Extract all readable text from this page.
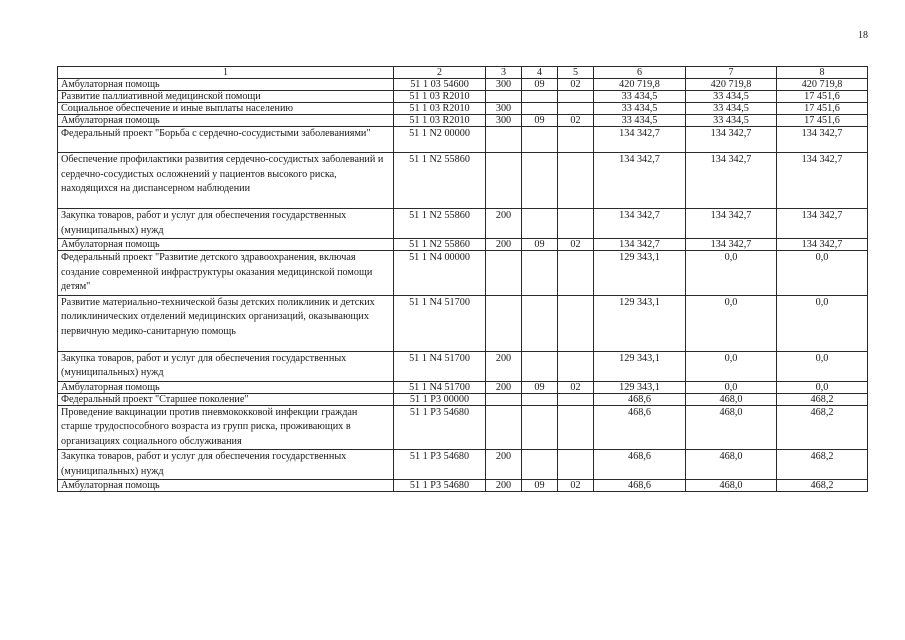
18
1	2	3	4	5	6	7	8
Амбулаторная помощь	51 1 03 54600	300	09	02	420 719,8	420 719,8	420 719,8
Развитие паллиативной медицинской помощи	51 1 03 R2010				33 434,5	33 434,5	17 451,6
Социальное обеспечение и иные выплаты населению	51 1 03 R2010	300			33 434,5	33 434,5	17 451,6
Амбулаторная помощь	51 1 03 R2010	300	09	02	33 434,5	33 434,5	17 451,6
Федеральный проект "Борьба с сердечно-сосудистыми заболеваниями"	51 1 N2 00000				134 342,7	134 342,7	134 342,7
Обеспечение профилактики развития сердечно-сосудистых заболеваний и сердечно-сосудистых осложнений у пациентов высокого риска, находящихся на диспансерном наблюдении	51 1 N2 55860				134 342,7	134 342,7	134 342,7
Закупка товаров, работ и услуг для обеспечения государственных (муниципальных) нужд	51 1 N2 55860	200			134 342,7	134 342,7	134 342,7
Амбулаторная помощь	51 1 N2 55860	200	09	02	134 342,7	134 342,7	134 342,7
Федеральный проект "Развитие детского здравоохранения, включая создание современной инфраструктуры оказания медицинской помощи детям"	51 1 N4 00000				129 343,1	0,0	0,0
Развитие материально-технической базы детских поликлиник и детских поликлинических отделений медицинских организаций, оказывающих первичную медико-санитарную помощь	51 1 N4 51700				129 343,1	0,0	0,0
Закупка товаров, работ и услуг для обеспечения государственных (муниципальных) нужд	51 1 N4 51700	200			129 343,1	0,0	0,0
Амбулаторная помощь	51 1 N4 51700	200	09	02	129 343,1	0,0	0,0
Федеральный проект "Старшее поколение"	51 1 P3 00000				468,6	468,0	468,2
Проведение вакцинации против пневмококковой инфекции граждан старше трудоспособного возраста из групп риска, проживающих в организациях социального обслуживания	51 1 P3 54680				468,6	468,0	468,2
Закупка товаров, работ и услуг для обеспечения государственных (муниципальных) нужд	51 1 P3 54680	200			468,6	468,0	468,2
Амбулаторная помощь	51 1 P3 54680	200	09	02	468,6	468,0	468,2
